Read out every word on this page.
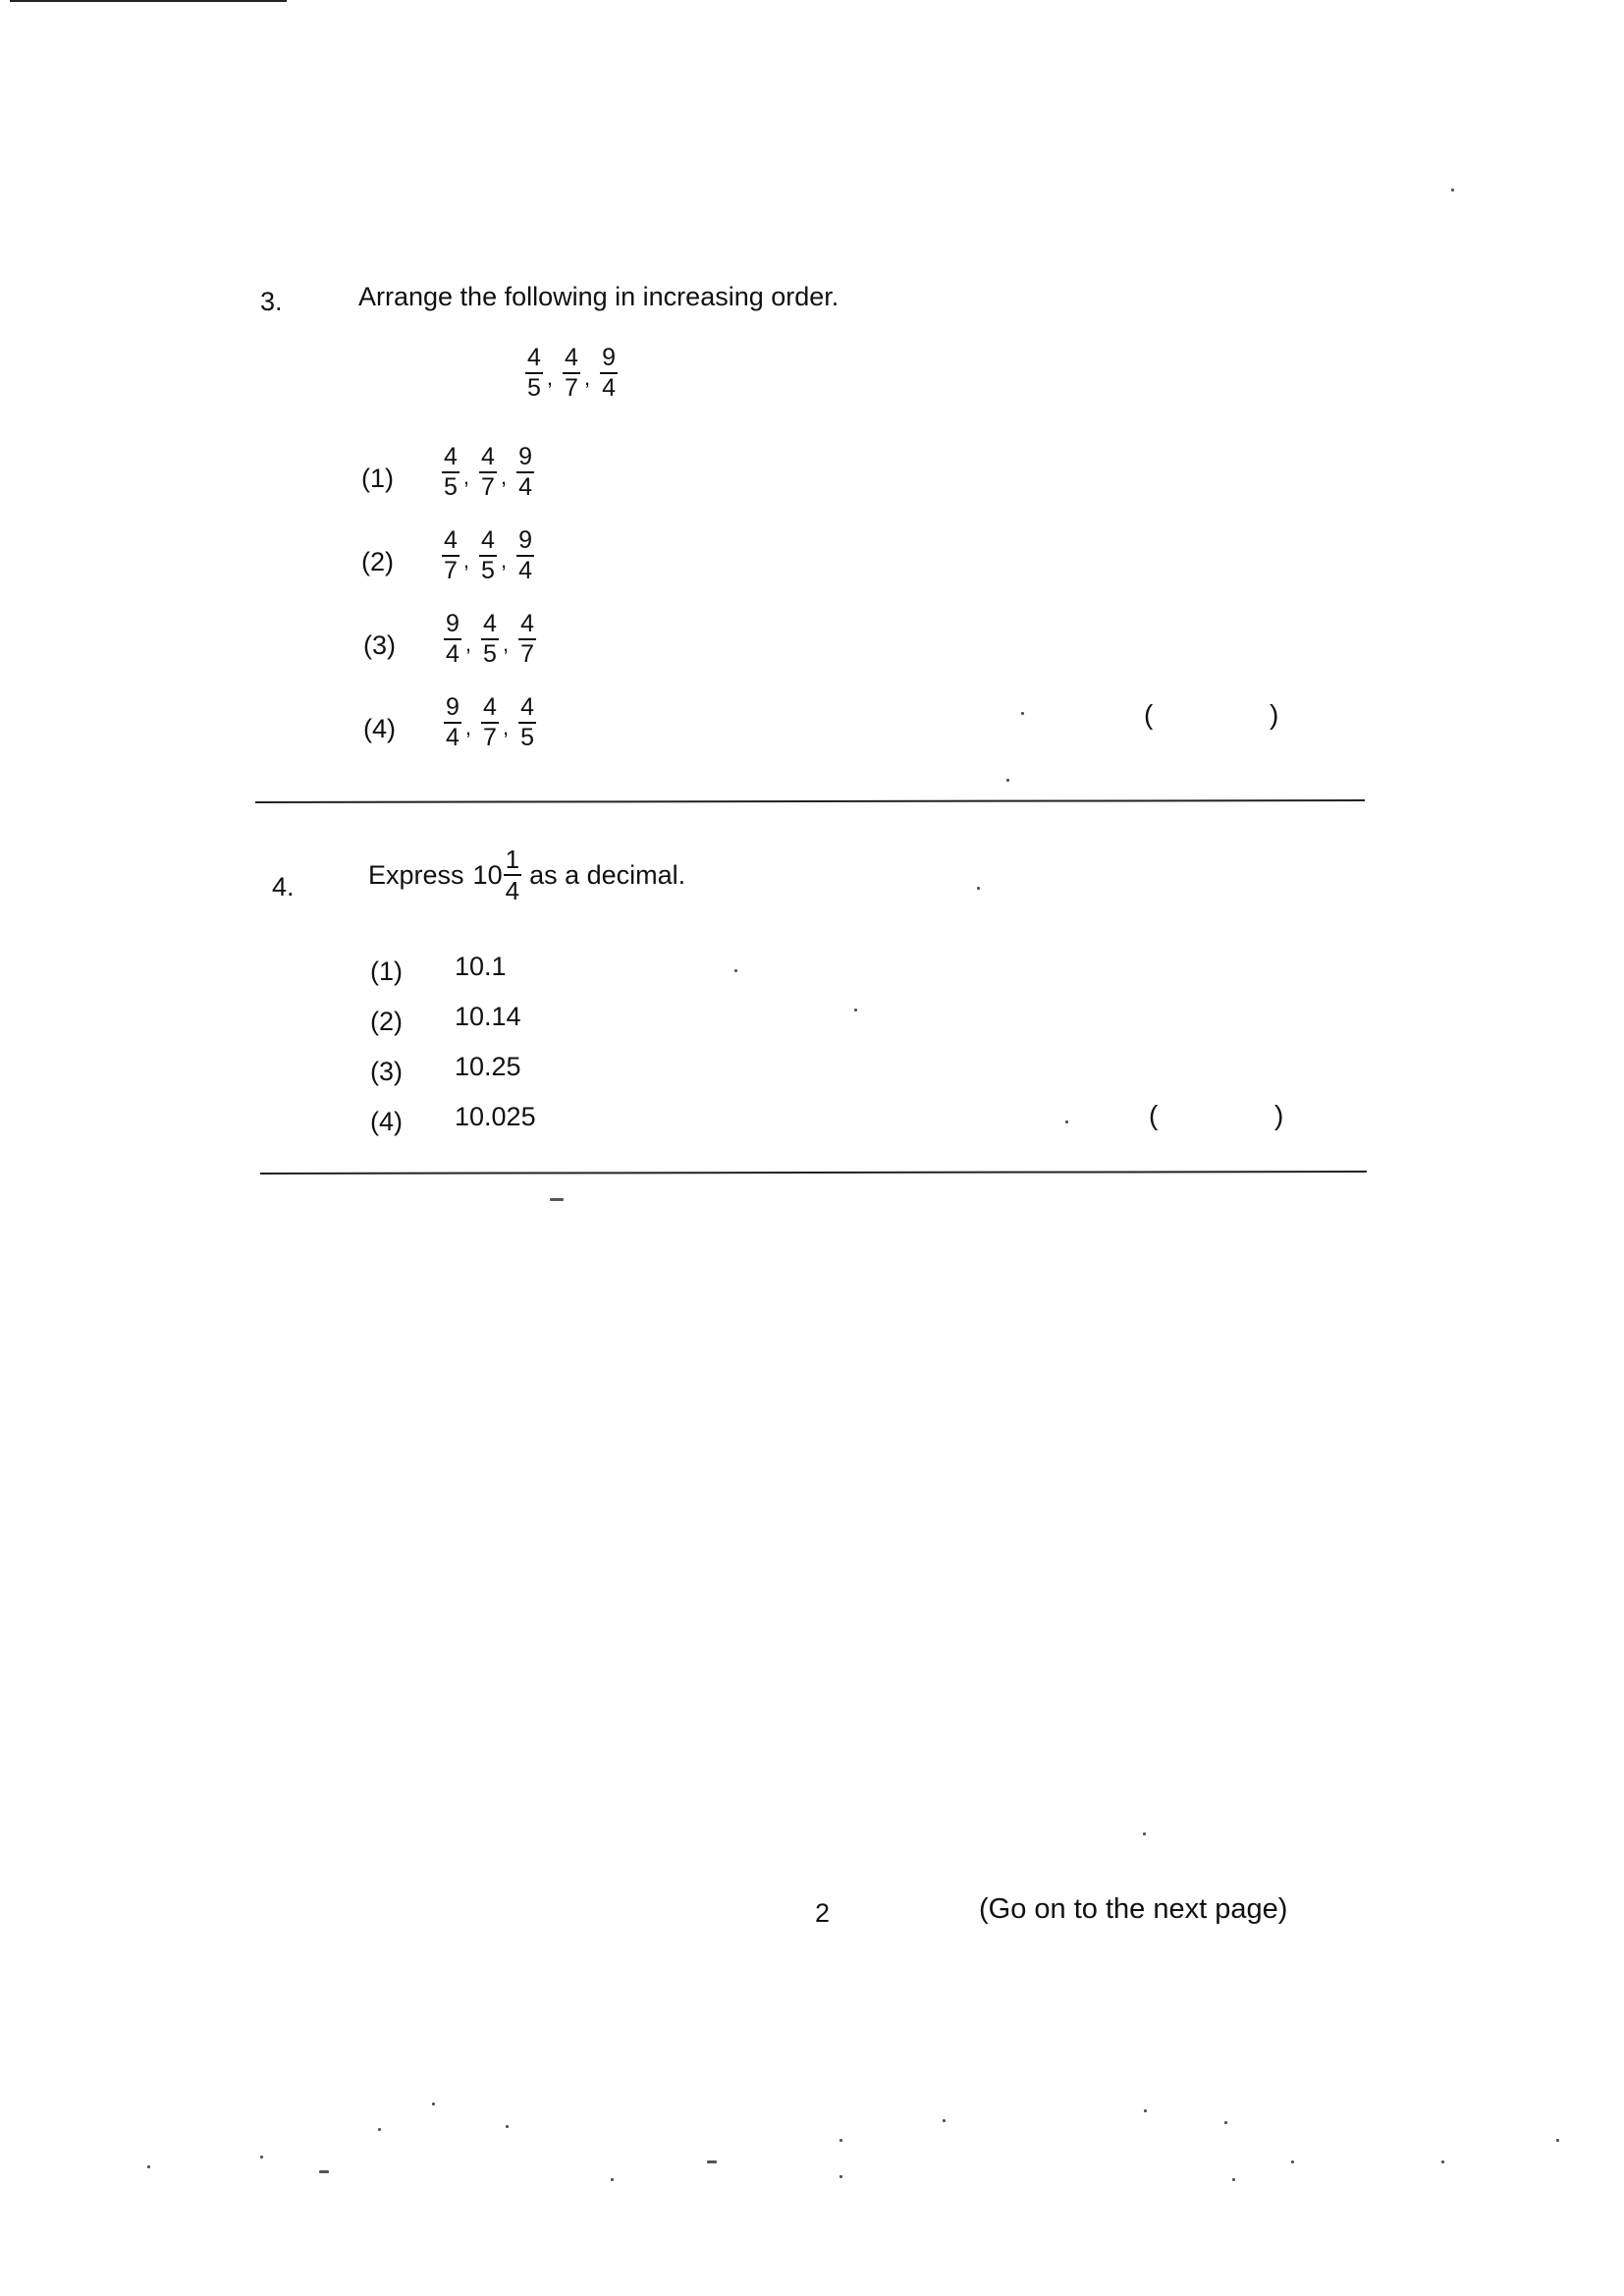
3.	Arrange the following in increasing order.
$\frac{4}{5}$ , $\frac{4}{7}$ , $\frac{9}{4}$
$(1) \frac{4}{5}$ , $\frac{4}{7}$ , $\frac{9}{4}$
$(2) \frac{4}{7}$ , $\frac{4}{5}$ , $\frac{9}{4}$
$(3) \frac{9}{4}$ , $\frac{4}{5}$ , $\frac{4}{7}$
$(4) \frac{9}{4}$ , $\frac{4}{7}$ , $\frac{4}{5}$	(	)
4.	Express $10 \frac{1}{4}$ as a decimal.
(1) 10.1
(2) 10.14
(3) 10.25
(4) 10.025	(	)
2	(Go on to the next page)
